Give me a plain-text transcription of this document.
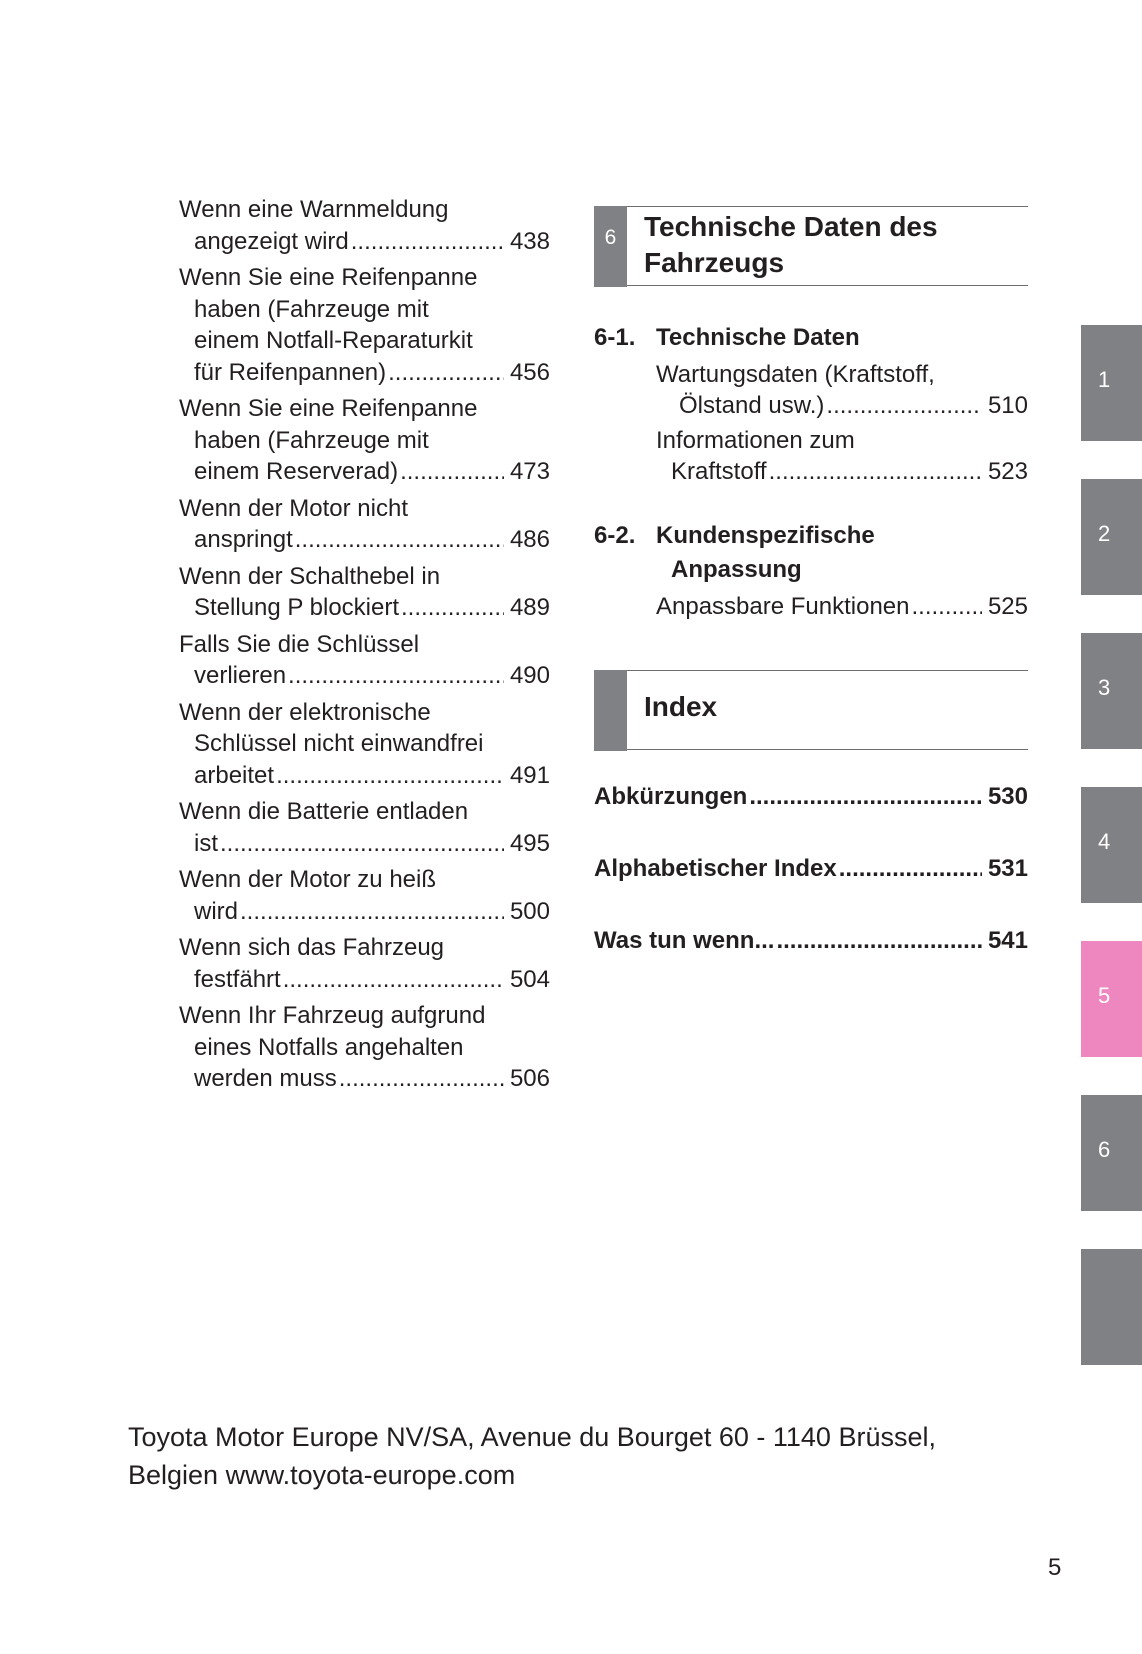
Wenn eine Warnmeldung
angezeigt wird .....	438
Wenn Sie eine Reifenpanne
haben (Fahrzeuge mit
einem Notfall-Reparaturkit
für Reifenpannen) .....	456
Wenn Sie eine Reifenpanne
haben (Fahrzeuge mit
einem Reserverad) .....	473
Wenn der Motor nicht
anspringt .....	486
Wenn der Schalthebel in
Stellung P blockiert .....	489
Falls Sie die Schlüssel
verlieren .....	490
Wenn der elektronische
Schlüssel nicht einwandfrei
arbeitet .....	491
Wenn die Batterie entladen
ist .....	495
Wenn der Motor zu heiß
wird .....	500
Wenn sich das Fahrzeug
festfährt .....	504
Wenn Ihr Fahrzeug aufgrund
eines Notfalls angehalten
werden muss .....	506
6 Technische Daten des
Fahrzeugs
6-1. Technische Daten
Wartungsdaten (Kraftstoff,
Ölstand usw.) .....	510
Informationen zum
Kraftstoff .....	523
6-2. Kundenspezifische
Anpassung
Anpassbare Funktionen .....	525
Index
Abkürzungen .....	530
Alphabetischer Index .....	531
Was tun wenn... .....	541
1
2
3
4
5
6
Toyota Motor Europe NV/SA, Avenue du Bourget 60 - 1140 Brüssel,
Belgien www.toyota-europe.com
5
